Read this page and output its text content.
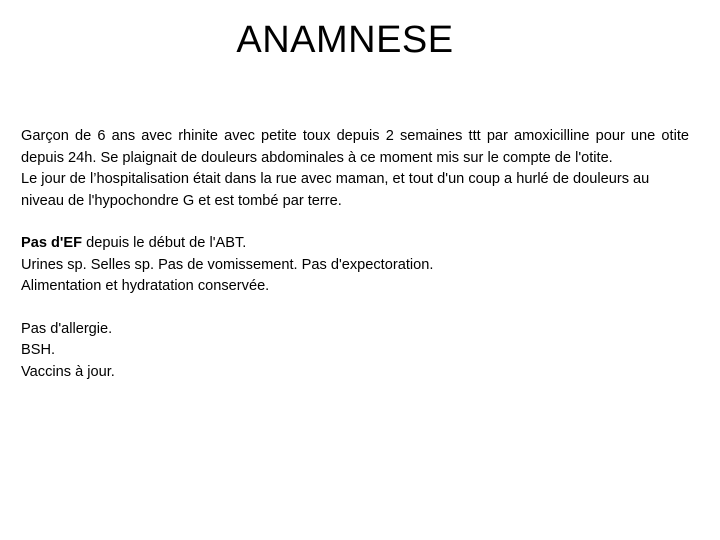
ANAMNESE

Garçon de 6 ans avec rhinite avec petite toux depuis 2 semaines ttt par amoxicilline pour une otite depuis 24h. Se plaignait de douleurs abdominales à ce moment mis sur le compte de l'otite.

Le jour de l’hospitalisation était dans la rue avec maman, et tout d'un coup a hurlé de douleurs au niveau de l'hypochondre G et est tombé par terre.

Pas d'EF depuis le début de l'ABT.

Urines sp. Selles sp. Pas de vomissement. Pas d'expectoration.

Alimentation et hydratation conservée.

Pas d'allergie.

BSH.

Vaccins à jour.
